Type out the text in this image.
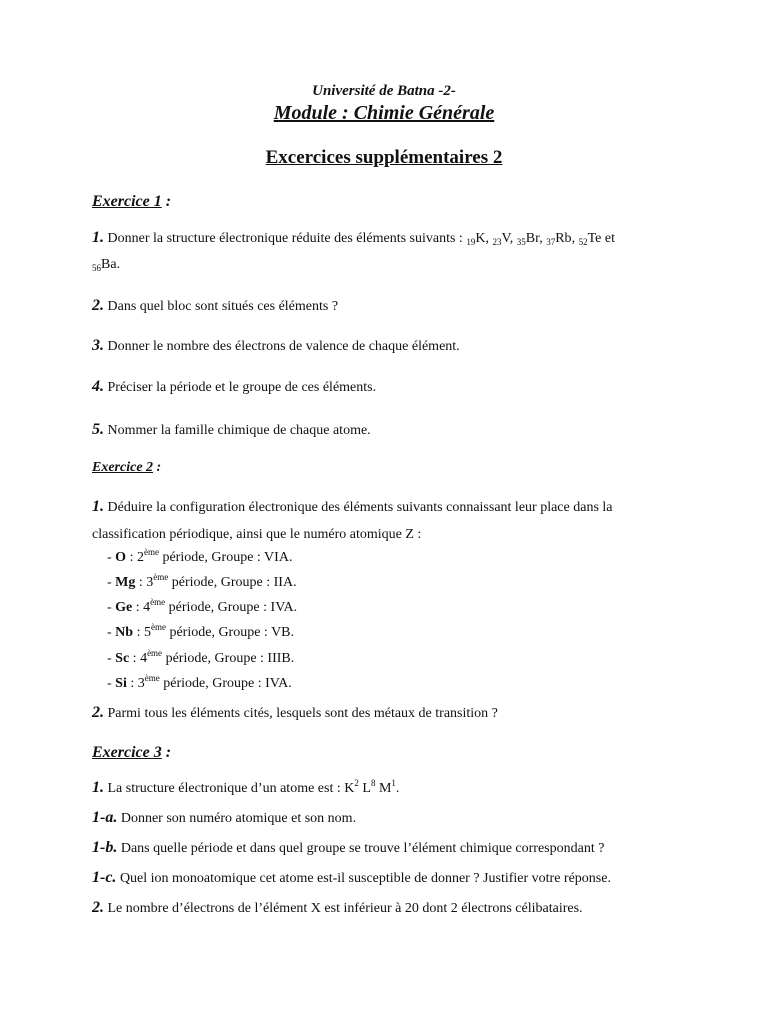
Université de Batna -2-
Module : Chimie Générale
Excercices supplémentaires 2
Exercice 1 :
1. Donner la structure électronique réduite des éléments suivants : $_{19}$K, $_{23}$V, $_{35}$Br, $_{37}$Rb, $_{52}$Te et
$_{56}$Ba.
2. Dans quel bloc sont situés ces éléments ?
3. Donner le nombre des électrons de valence de chaque élément.
4. Préciser la période et le groupe de ces éléments.
5. Nommer la famille chimique de chaque atome.
Exercice 2 :
1. Déduire la configuration électronique des éléments suivants connaissant leur place dans la
classification périodique, ainsi que le numéro atomique Z :
- O : 2ème période, Groupe : VIA.
- Mg : 3ème période, Groupe : IIA.
- Ge : 4ème période, Groupe : IVA.
- Nb : 5ème période, Groupe : VB.
- Sc : 4ème période, Groupe : IIIB.
- Si : 3ème période, Groupe : IVA.
2. Parmi tous les éléments cités, lesquels sont des métaux de transition ?
Exercice 3 :
1. La structure électronique d’un atome est : $K^2$ $L^8$ $M^1$.
1-a. Donner son numéro atomique et son nom.
1-b. Dans quelle période et dans quel groupe se trouve l’élément chimique correspondant ?
1-c. Quel ion monoatomique cet atome est-il susceptible de donner ? Justifier votre réponse.
2. Le nombre d’électrons de l’élément X est inférieur à 20 dont 2 électrons célibataires.
